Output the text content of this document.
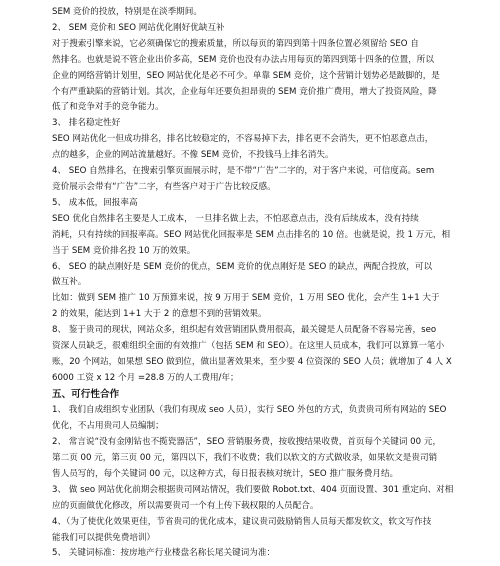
SEM 竞价的投放，特别是在淡季期间。
2、 SEM 竞价和 SEO 网站优化刚好优缺互补
对于搜索引擎来说，它必须确保它的搜索质量，所以每页的第四到第十四条位置必须留给 SEO 自
然排名。也就是说不管企业出价多高，SEM 竞价也没有办法占用每页的第四到第十四条的位置，所以
企业的网络营销计划里，SEO 网站优化是必不可少。单靠 SEM 竞价，这个营销计划势必是跛脚的，是
个有严重缺陷的营销计划。其次，企业每年还要负担昂贵的 SEM 竞价推广费用，增大了投资风险，降
低了和竞争对手的竞争能力。
3、 排名稳定性好
SEO 网站优化一但成功排名，排名比较稳定的，不容易掉下去，排名更不会消失，更不怕恶意点击，
点的越多，企业的网站流量越好。不像 SEM 竞价，不投钱马上排名消失。
4、 SEO 自然排名，在搜索引擎页面展示时，是不带“广告”二字的，对于客户来说，可信度高。sem
竞价展示会带有“广告”二字，有些客户对于广告比较反感。
5、 成本低，回报率高
SEO 优化自然排名主要是人工成本， 一旦排名做上去，不怕恶意点击，没有后续成本，没有持续
消耗，只有持续的回报率高。SEO 网站优化回报率是 SEM 点击排名的 10 倍。也就是说，投 1 万元，相
当于 SEM 竞价排名投 10 万的效果。
6、 SEO 的缺点刚好是 SEM 竞价的优点，SEM 竞价的优点刚好是 SEO 的缺点，两配合投放，可以
做互补。
比如：做到 SEM 推广 10 万预算来说，按 9 万用于 SEM 竞价，1 万用 SEO 优化，会产生 1+1 大于
2 的效果，能达到 1+1 大于 2 的意想不到的营销效果。
8、 鉴于贵司的现状，网站众多，组织起有效营销团队费用很高，最关键是人员配备不容易完善，seo
资深人员缺乏，很难组织全面的有效推广（包括 SEM 和 SEO）。在这里人员成本，我们可以算算一笔小
账，20 个网站，如果想 SEO 做到位，做出显著效果来，至少要 4 位资深的 SEO 人员；就增加了 4 人 X
6000 工资 x 12 个月 =28.8 万的人工费用/年；
五、可行性合作
1、 我们自成组织专业团队（我们有现成 seo 人员），实行 SEO 外包的方式，负责贵司所有网站的 SEO
优化，不占用贵司人员编制；
2、 常言说“没有金刚钻也不揽瓷器活”，SEO 营销服务费，按收搜结果收费，首页每个关键词 00 元，
第二页 00 元，第三页 00 元，第四以下，我们不收费；我们以软文的方式做收录，如果软文是贵司销
售人员写的，每个关键词 00 元，以这种方式，每日报表核对统计，SEO 推广服务费月结。
3、 做 seo 网站优化前期会根据贵司网站情况，我们要做 Robot.txt、404 页面设置、301 重定向、对相
应的页面做优化修改，所以需要贵司一个有上传下载权限的人员配合。
4、（为了使优化效果更佳，节省贵司的优化成本，建议贵司鼓励销售人员每天都发软文，软文写作技
能我们可以提供免费培训）
5、 关键词标准：按房地产行业楼盘名称长尾关键词为准：
